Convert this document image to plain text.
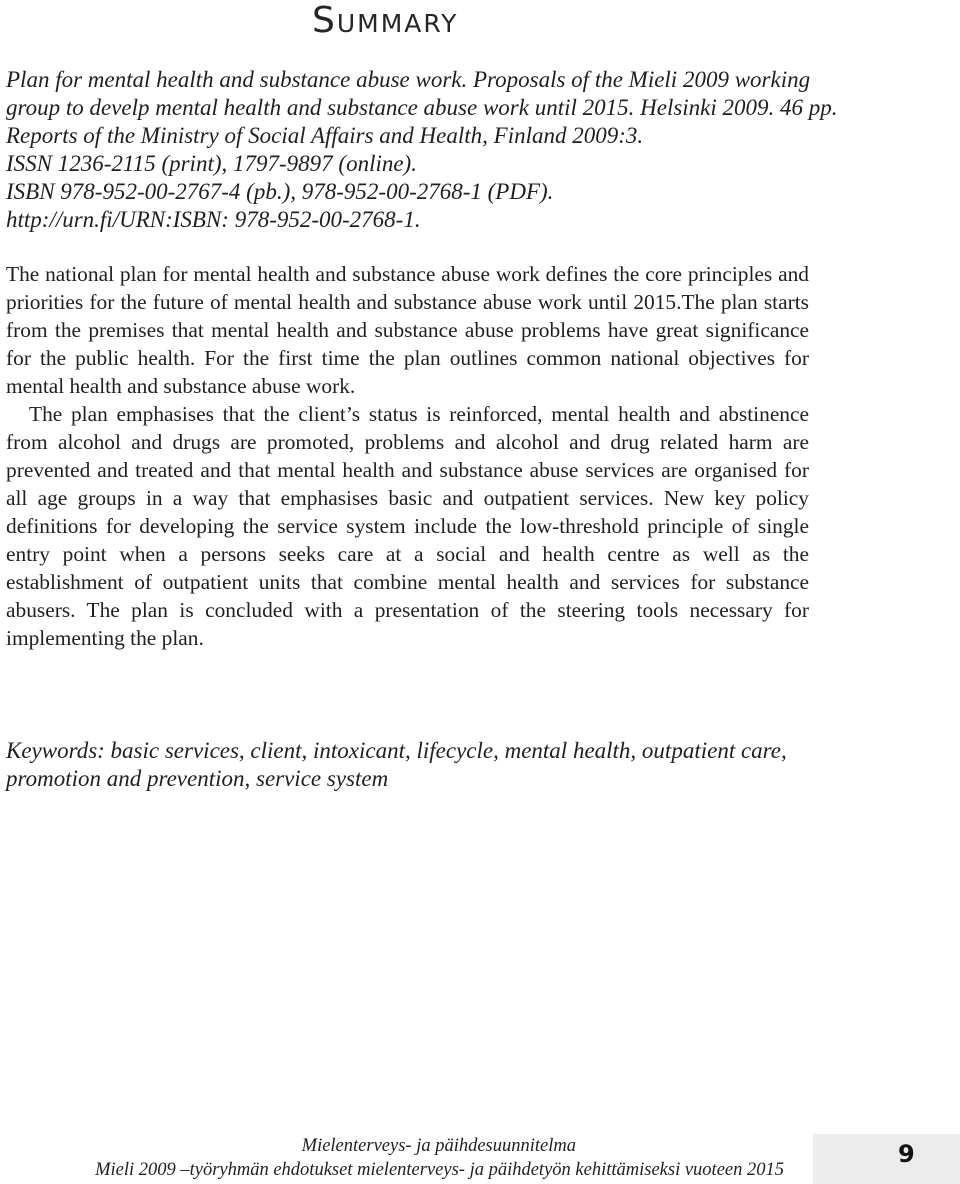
Summary
Plan for mental health and substance abuse work. Proposals of the Mieli 2009 working
group to develp mental health and substance abuse work until 2015. Helsinki 2009. 46 pp.
Reports of the Ministry of Social Affairs and Health, Finland 2009:3.
ISSN 1236-2115 (print), 1797-9897 (online).
ISBN 978-952-00-2767-4 (pb.), 978-952-00-2768-1 (PDF).
http://urn.fi/URN:ISBN: 978-952-00-2768-1.

The national plan for mental health and substance abuse work defines the core principles and priorities for the future of mental health and substance abuse work until 2015.The plan starts from the premises that mental health and substance abuse problems have great significance for the public health. For the first time the plan outlines common national objectives for mental health and substance abuse work.

The plan emphasises that the client’s status is reinforced, mental health and abstinence from alcohol and drugs are promoted, problems and alcohol and drug related harm are prevented and treated and that mental health and substance abuse services are organised for all age groups in a way that emphasises basic and outpatient services. New key policy definitions for developing the service system include the low-threshold principle of single entry point when a persons seeks care at a social and health centre as well as the establishment of outpatient units that combine mental health and services for substance abusers. The plan is concluded with a presentation of the steering tools necessary for implementing the plan.

Keywords: basic services, client, intoxicant, lifecycle, mental health, outpatient care, promotion and prevention, service system
Mielenterveys- ja päihdesuunnitelma
Mieli 2009 –työryhmän ehdotukset mielenterveys- ja päihdetyön kehittämiseksi vuoteen 2015
9
